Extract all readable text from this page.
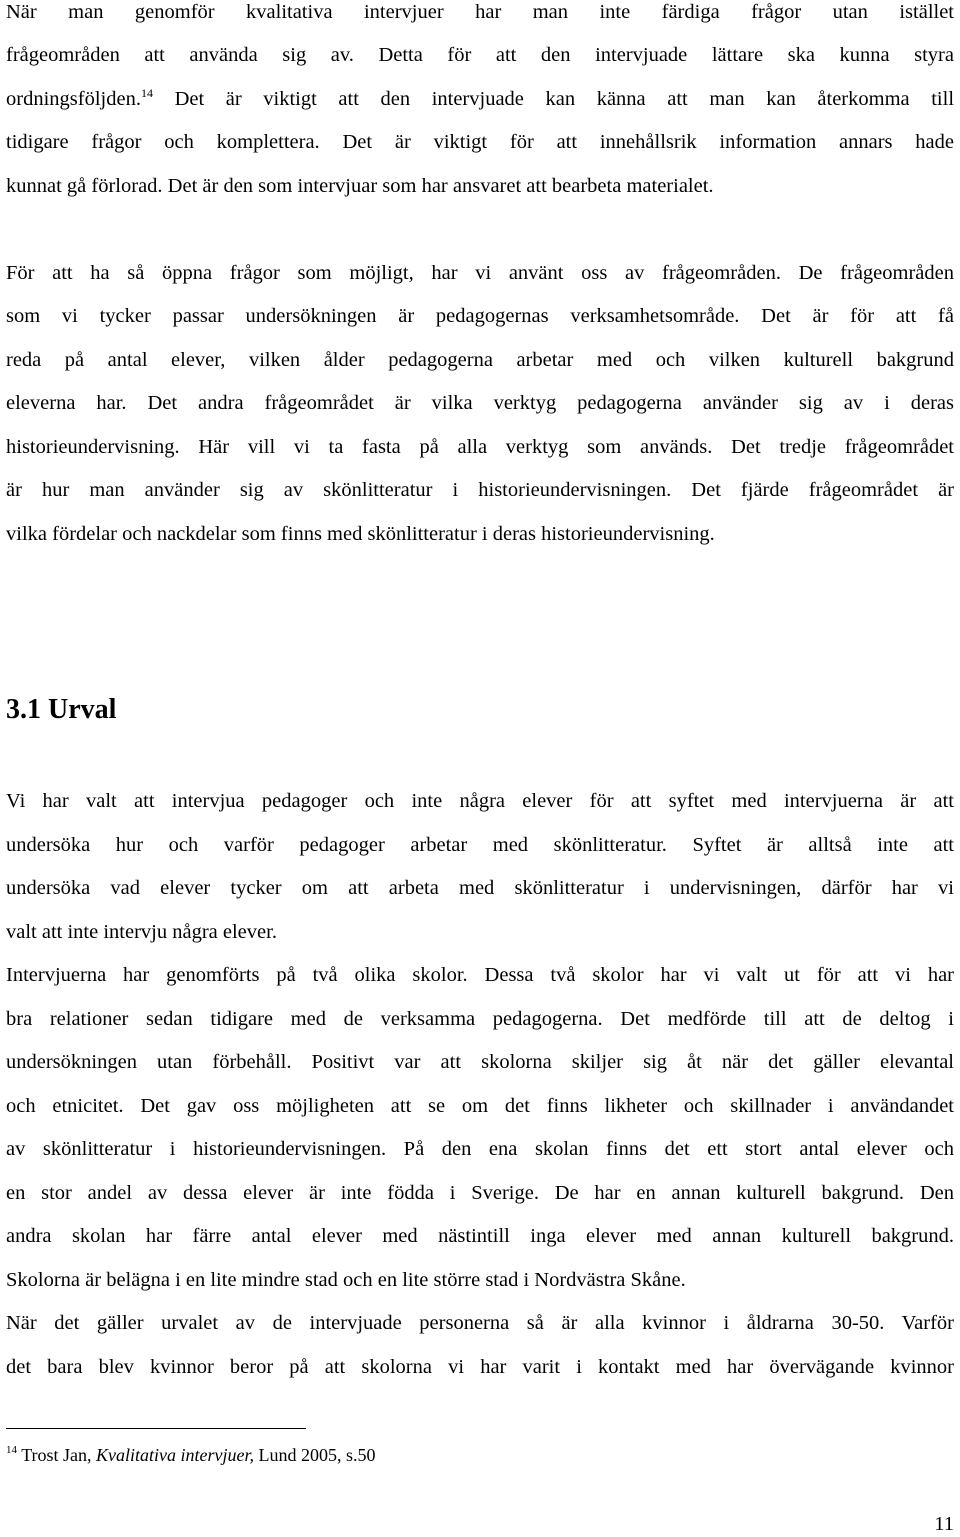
När man genomför kvalitativa intervjuer har man inte färdiga frågor utan istället
frågeområden att använda sig av. Detta för att den intervjuade lättare ska kunna styra
ordningsföljden.$^{14}$ Det är viktigt att den intervjuade kan känna att man kan återkomma till
tidigare frågor och komplettera. Det är viktigt för att innehållsrik information annars hade
kunnat gå förlorad. Det är den som intervjuar som har ansvaret att bearbeta materialet.
För att ha så öppna frågor som möjligt, har vi använt oss av frågeområden. De frågeområden
som vi tycker passar undersökningen är pedagogernas verksamhetsområde. Det är för att få
reda på antal elever, vilken ålder pedagogerna arbetar med och vilken kulturell bakgrund
eleverna har. Det andra frågeområdet är vilka verktyg pedagogerna använder sig av i deras
historieundervisning. Här vill vi ta fasta på alla verktyg som används. Det tredje frågeområdet
är hur man använder sig av skönlitteratur i historieundervisningen. Det fjärde frågeområdet är
vilka fördelar och nackdelar som finns med skönlitteratur i deras historieundervisning.
3.1 Urval
Vi har valt att intervjua pedagoger och inte några elever för att syftet med intervjuerna är att
undersöka hur och varför pedagoger arbetar med skönlitteratur. Syftet är alltså inte att
undersöka vad elever tycker om att arbeta med skönlitteratur i undervisningen, därför har vi
valt att inte intervju några elever.
Intervjuerna har genomförts på två olika skolor. Dessa två skolor har vi valt ut för att vi har
bra relationer sedan tidigare med de verksamma pedagogerna. Det medförde till att de deltog i
undersökningen utan förbehåll. Positivt var att skolorna skiljer sig åt när det gäller elevantal
och etnicitet. Det gav oss möjligheten att se om det finns likheter och skillnader i användandet
av skönlitteratur i historieundervisningen. På den ena skolan finns det ett stort antal elever och
en stor andel av dessa elever är inte födda i Sverige. De har en annan kulturell bakgrund. Den
andra skolan har färre antal elever med nästintill inga elever med annan kulturell bakgrund.
Skolorna är belägna i en lite mindre stad och en lite större stad i Nordvästra Skåne.
När det gäller urvalet av de intervjuade personerna så är alla kvinnor i åldrarna 30-50. Varför
det bara blev kvinnor beror på att skolorna vi har varit i kontakt med har övervägande kvinnor
$^{14}$ Trost Jan, Kvalitativa intervjuer, Lund 2005, s.50
11
